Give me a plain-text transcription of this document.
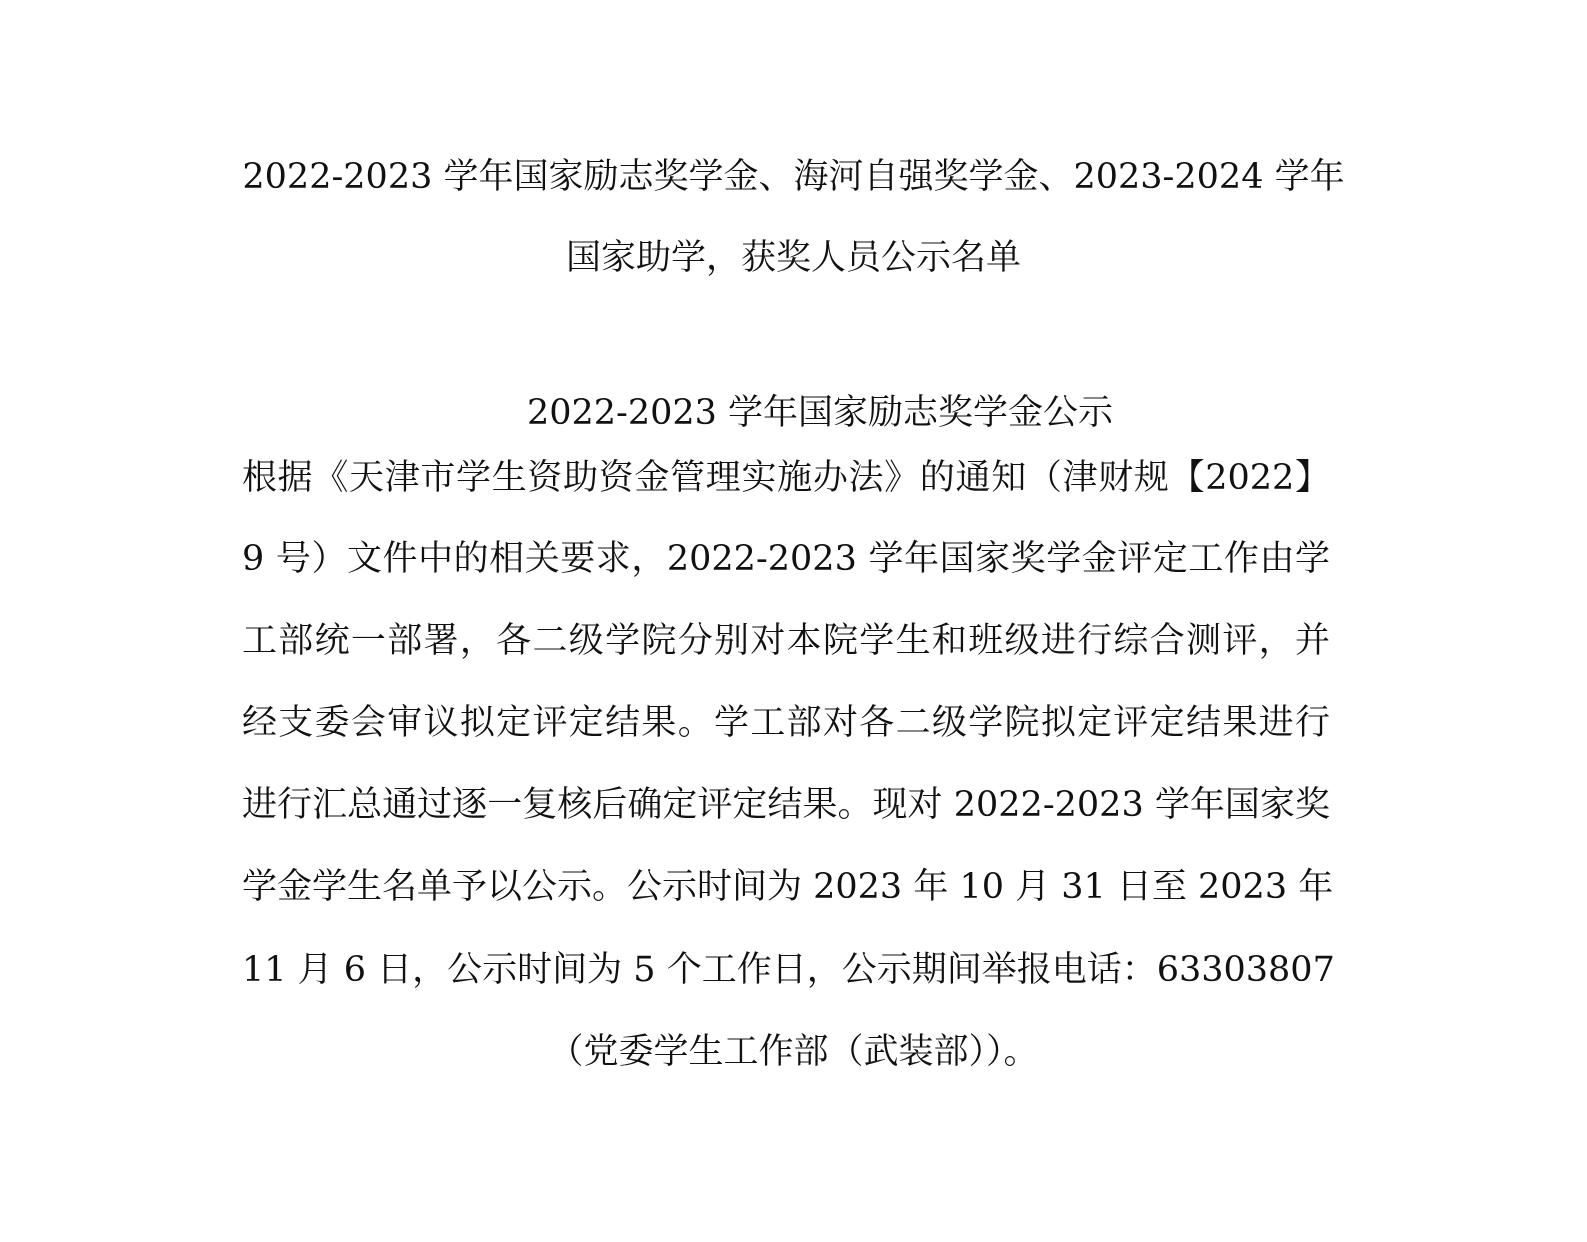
2022-2023 学年国家励志奖学金、海河自强奖学金、2023-2024 学年
国家助学，获奖人员公示名单
2022-2023 学年国家励志奖学金公示
根据《天津市学生资助资金管理实施办法》的通知（津财规【2022】
9 号）文件中的相关要求，2022-2023 学年国家奖学金评定工作由学
工部统一部署，各二级学院分别对本院学生和班级进行综合测评，并
经支委会审议拟定评定结果。学工部对各二级学院拟定评定结果进行
进行汇总通过逐一复核后确定评定结果。现对 2022-2023 学年国家奖
学金学生名单予以公示。公示时间为 2023 年 10 月 31 日至 2023 年
11 月 6 日，公示时间为 5 个工作日，公示期间举报电话：63303807
（党委学生工作部（武装部））。
